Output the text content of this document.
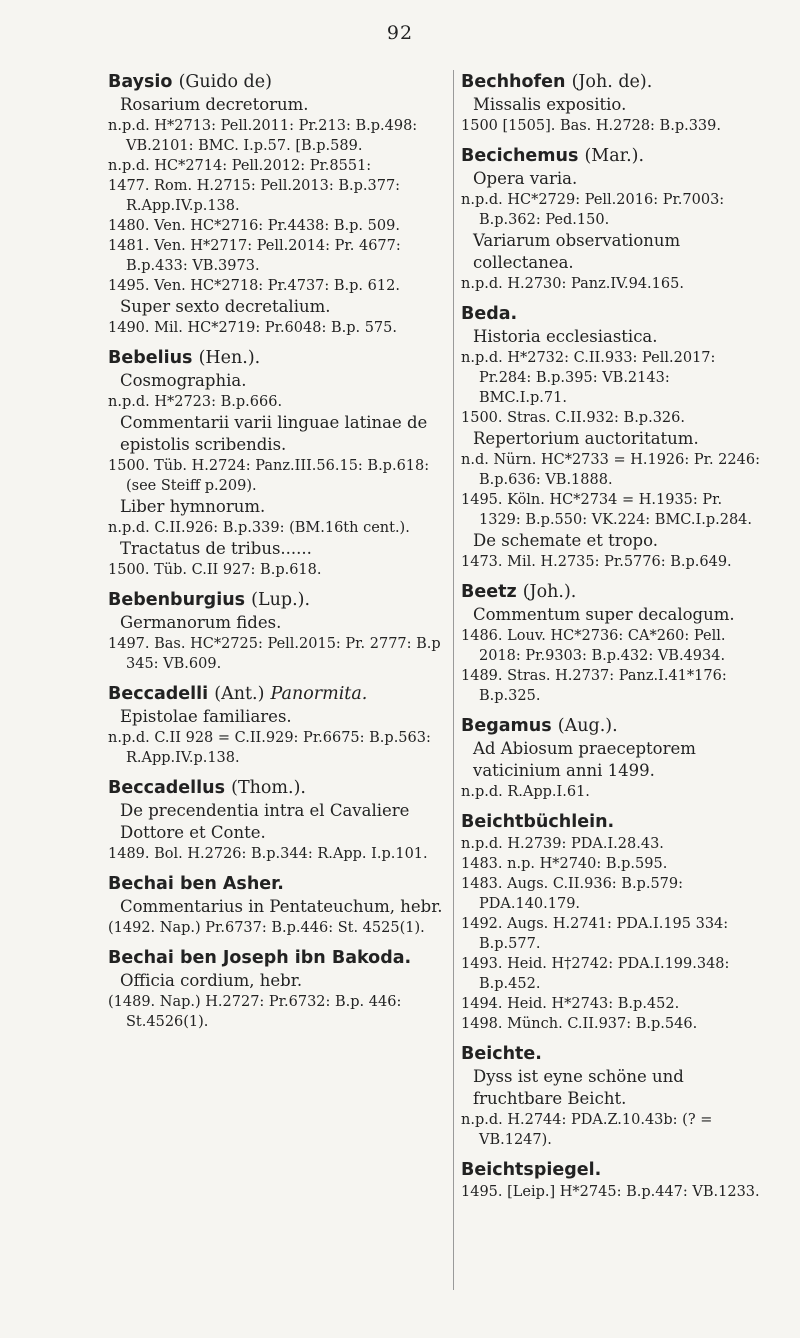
92
Baysio (Guido de)
Rosarium decretorum.
n.p.d. H*2713: Pell.2011: Pr.213: B.p.498: VB.2101: BMC. I.p.57. [B.p.589.
n.p.d. HC*2714: Pell.2012: Pr.8551:
1477. Rom. H.2715: Pell.2013: B.p.377: R.App.IV.p.138.
1480. Ven. HC*2716: Pr.4438: B.p. 509.
1481. Ven. H*2717: Pell.2014: Pr. 4677: B.p.433: VB.3973.
1495. Ven. HC*2718: Pr.4737: B.p. 612.
Super sexto decretalium.
1490. Mil. HC*2719: Pr.6048: B.p. 575.
Bebelius (Hen.).
Cosmographia.
n.p.d. H*2723: B.p.666.
Commentarii varii linguae latinae de epistolis scribendis.
1500. Tüb. H.2724: Panz.III.56.15: B.p.618: (see Steiff p.209).
Liber hymnorum.
n.p.d. C.II.926: B.p.339: (BM.16th cent.).
Tractatus de tribus......
1500. Tüb. C.II 927: B.p.618.
Bebenburgius (Lup.).
Germanorum fides.
1497. Bas. HC*2725: Pell.2015: Pr. 2777: B.p 345: VB.609.
Beccadelli (Ant.) Panormita.
Epistolae familiares.
n.p.d. C.II 928 = C.II.929: Pr.6675: B.p.563: R.App.IV.p.138.
Beccadellus (Thom.).
De precendentia intra el Cavaliere Dottore et Conte.
1489. Bol. H.2726: B.p.344: R.App. I.p.101.
Bechai ben Asher.
Commentarius in Pentateuchum, hebr.
(1492. Nap.) Pr.6737: B.p.446: St. 4525(1).
Bechai ben Joseph ibn Bakoda.
Officia cordium, hebr.
(1489. Nap.) H.2727: Pr.6732: B.p. 446: St.4526(1).
Bechhofen (Joh. de).
Missalis expositio.
1500 [1505]. Bas. H.2728: B.p.339.
Becichemus (Mar.).
Opera varia.
n.p.d. HC*2729: Pell.2016: Pr.7003: B.p.362: Ped.150.
Variarum observationum collectanea.
n.p.d. H.2730: Panz.IV.94.165.
Beda.
Historia ecclesiastica.
n.p.d. H*2732: C.II.933: Pell.2017: Pr.284: B.p.395: VB.2143: BMC.I.p.71.
1500. Stras. C.II.932: B.p.326.
Repertorium auctoritatum.
n.d. Nürn. HC*2733 = H.1926: Pr. 2246: B.p.636: VB.1888.
1495. Köln. HC*2734 = H.1935: Pr. 1329: B.p.550: VK.224: BMC.I.p.284.
De schemate et tropo.
1473. Mil. H.2735: Pr.5776: B.p.649.
Beetz (Joh.).
Commentum super decalogum.
1486. Louv. HC*2736: CA*260: Pell. 2018: Pr.9303: B.p.432: VB.4934.
1489. Stras. H.2737: Panz.I.41*176: B.p.325.
Begamus (Aug.).
Ad Abiosum praeceptorem vaticinium anni 1499.
n.p.d. R.App.I.61.
Beichtbüchlein.
n.p.d. H.2739: PDA.I.28.43.
1483. n.p. H*2740: B.p.595.
1483. Augs. C.II.936: B.p.579: PDA.140.179.
1492. Augs. H.2741: PDA.I.195 334: B.p.577.
1493. Heid. H†2742: PDA.I.199.348: B.p.452.
1494. Heid. H*2743: B.p.452.
1498. Münch. C.II.937: B.p.546.
Beichte.
Dyss ist eyne schöne und fruchtbare Beicht.
n.p.d. H.2744: PDA.Z.10.43b: (? = VB.1247).
Beichtspiegel.
1495. [Leip.] H*2745: B.p.447: VB.1233.
